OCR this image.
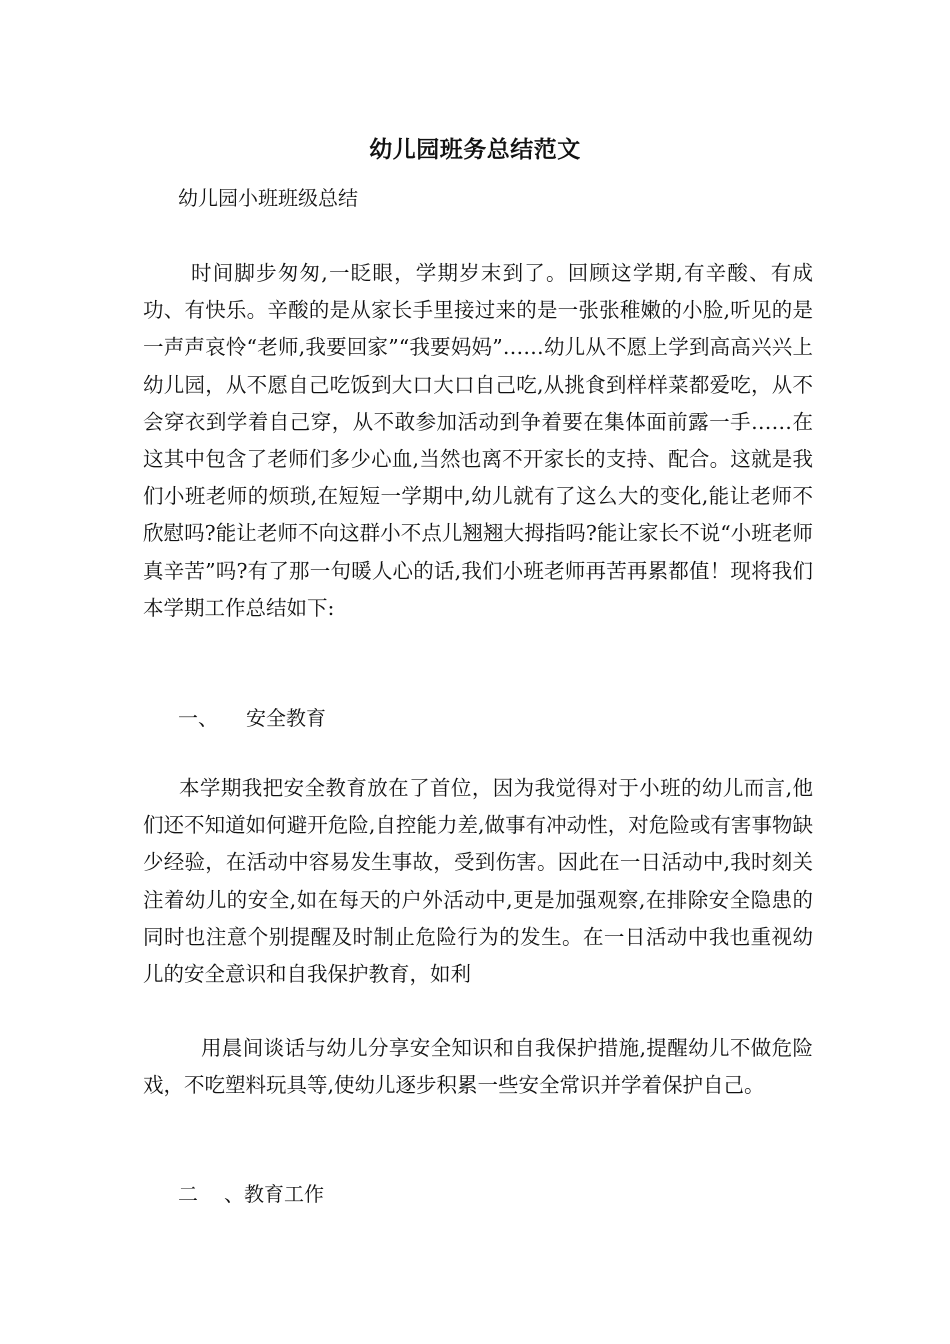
幼儿园班务总结范文
幼儿园小班班级总结
时间脚步匆匆,一眨眼，学期岁末到了。回顾这学期,有辛酸、有成功、有快乐。辛酸的是从家长手里接过来的是一张张稚嫩的小脸,听见的是一声声哀怜“老师,我要回家”“我要妈妈”……幼儿从不愿上学到高高兴兴上幼儿园，从不愿自己吃饭到大口大口自己吃,从挑食到样样菜都爱吃，从不会穿衣到学着自己穿，从不敢参加活动到争着要在集体面前露一手……在这其中包含了老师们多少心血,当然也离不开家长的支持、配合。这就是我们小班老师的烦琐,在短短一学期中,幼儿就有了这么大的变化,能让老师不欣慰吗?能让老师不向这群小不点儿翘翘大拇指吗?能让家长不说“小班老师真辛苦”吗?有了那一句暖人心的话,我们小班老师再苦再累都值！现将我们本学期工作总结如下:
一、 安全教育
本学期我把安全教育放在了首位，因为我觉得对于小班的幼儿而言,他们还不知道如何避开危险,自控能力差,做事有冲动性，对危险或有害事物缺少经验，在活动中容易发生事故，受到伤害。因此在一日活动中,我时刻关注着幼儿的安全,如在每天的户外活动中,更是加强观察,在排除安全隐患的同时也注意个别提醒及时制止危险行为的发生。在一日活动中我也重视幼儿的安全意识和自我保护教育，如利
用晨间谈话与幼儿分享安全知识和自我保护措施,提醒幼儿不做危险戏，不吃塑料玩具等,使幼儿逐步积累一些安全常识并学着保护自己。
二 、教育工作
